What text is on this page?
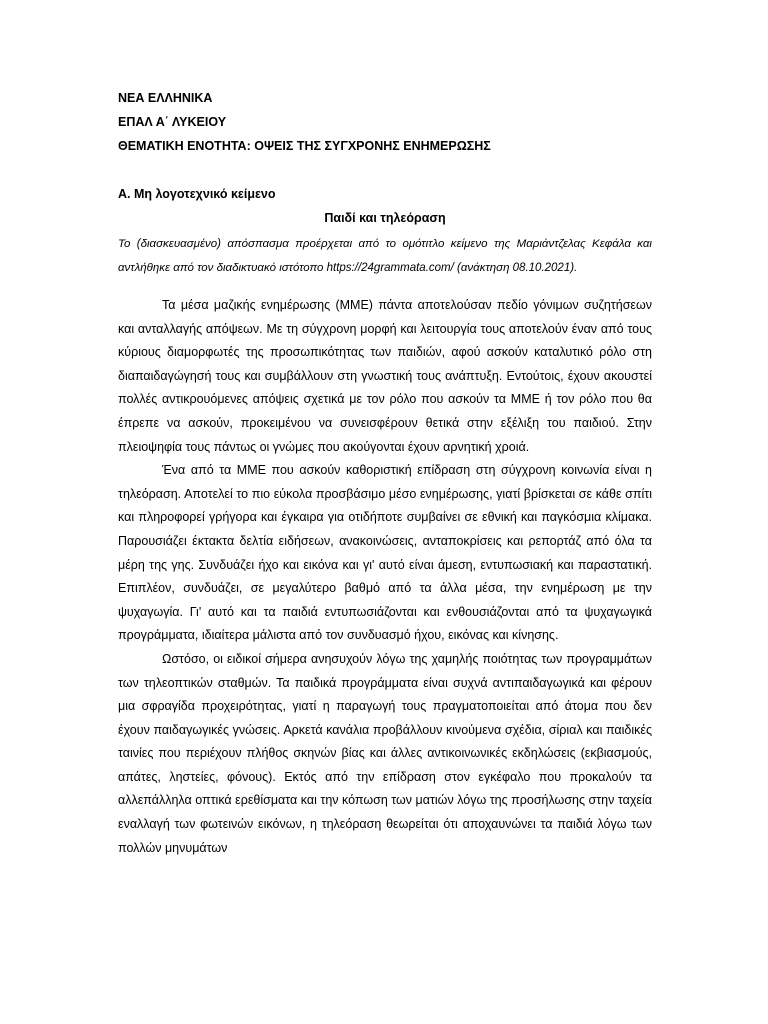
ΝΕΑ ΕΛΛΗΝΙΚΑ
ΕΠΑΛ Α΄ ΛΥΚΕΙΟΥ
ΘΕΜΑΤΙΚΗ ΕΝΟΤΗΤΑ: ΟΨΕΙΣ ΤΗΣ ΣΥΓΧΡΟΝΗΣ ΕΝΗΜΕΡΩΣΗΣ
Α. Μη λογοτεχνικό κείμενο
Παιδί και τηλεόραση
Το (διασκευασμένο) απόσπασμα προέρχεται από το ομότιτλο κείμενο της Μαριάντζελας Κεφάλα και αντλήθηκε από τον διαδικτυακό ιστότοπο https://24grammata.com/ (ανάκτηση 08.10.2021).

Τα μέσα μαζικής ενημέρωσης (ΜΜΕ) πάντα αποτελούσαν πεδίο γόνιμων συζητήσεων και ανταλλαγής απόψεων. Με τη σύγχρονη μορφή και λειτουργία τους αποτελούν έναν από τους κύριους διαμορφωτές της προσωπικότητας των παιδιών, αφού ασκούν καταλυτικό ρόλο στη διαπαιδαγώγησή τους και συμβάλλουν στη γνωστική τους ανάπτυξη. Εντούτοις, έχουν ακουστεί πολλές αντικρουόμενες απόψεις σχετικά με τον ρόλο που ασκούν τα ΜΜΕ ή τον ρόλο που θα έπρεπε να ασκούν, προκειμένου να συνεισφέρουν θετικά στην εξέλιξη του παιδιού. Στην πλειοψηφία τους πάντως οι γνώμες που ακούγονται έχουν αρνητική χροιά.

Ένα από τα ΜΜΕ που ασκούν καθοριστική επίδραση στη σύγχρονη κοινωνία είναι η τηλεόραση. Αποτελεί το πιο εύκολα προσβάσιμο μέσο ενημέρωσης, γιατί βρίσκεται σε κάθε σπίτι και πληροφορεί γρήγορα και έγκαιρα για οτιδήποτε συμβαίνει σε εθνική και παγκόσμια κλίμακα. Παρουσιάζει έκτακτα δελτία ειδήσεων, ανακοινώσεις, ανταποκρίσεις και ρεπορτάζ από όλα τα μέρη της γης. Συνδυάζει ήχο και εικόνα και γι' αυτό είναι άμεση, εντυπωσιακή και παραστατική. Επιπλέον, συνδυάζει, σε μεγαλύτερο βαθμό από τα άλλα μέσα, την ενημέρωση με την ψυχαγωγία. Γι' αυτό και τα παιδιά εντυπωσιάζονται και ενθουσιάζονται από τα ψυχαγωγικά προγράμματα, ιδιαίτερα μάλιστα από τον συνδυασμό ήχου, εικόνας και κίνησης.

Ωστόσο, οι ειδικοί σήμερα ανησυχούν λόγω της χαμηλής ποιότητας των προγραμμάτων των τηλεοπτικών σταθμών. Τα παιδικά προγράμματα είναι συχνά αντιπαιδαγωγικά και φέρουν μια σφραγίδα προχειρότητας, γιατί η παραγωγή τους πραγματοποιείται από άτομα που δεν έχουν παιδαγωγικές γνώσεις. Αρκετά κανάλια προβάλλουν κινούμενα σχέδια, σίριαλ και παιδικές ταινίες που περιέχουν πλήθος σκηνών βίας και άλλες αντικοινωνικές εκδηλώσεις (εκβιασμούς, απάτες, ληστείες, φόνους). Εκτός από την επίδραση στον εγκέφαλο που προκαλούν τα αλλεπάλληλα οπτικά ερεθίσματα και την κόπωση των ματιών λόγω της προσήλωσης στην ταχεία εναλλαγή των φωτεινών εικόνων, η τηλεόραση θεωρείται ότι αποχαυνώνει τα παιδιά λόγω των πολλών μηνυμάτων
